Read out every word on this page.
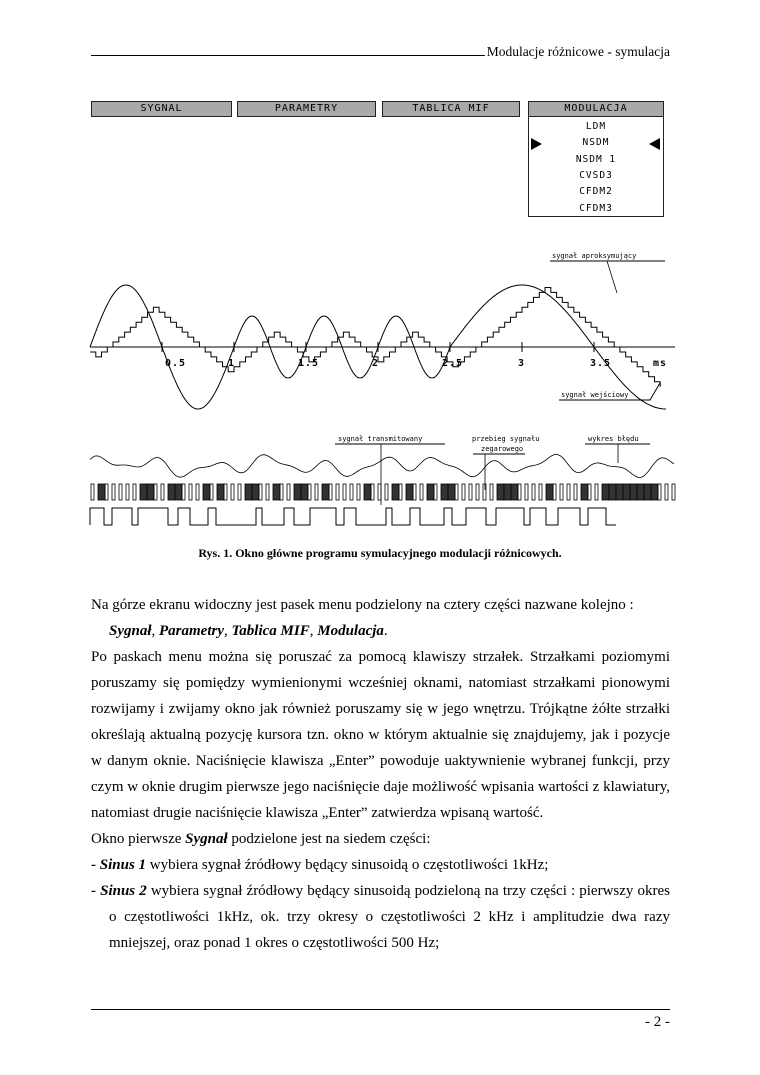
Modulacje różnicowe - symulacja
SYGNAL	PARAMETRY	TABLICA MIF	MODULACJA
LDM
NSDM
NSDM 1
CVSD3
CFDM2
CFDM3
0.5	1	1.5	2	2.5	3	3.5	ms
sygnał aproksymujący
sygnał wejściowy
sygnał transmitowany	przebieg sygnału
zegarowego
wykres błędu
Rys. 1. Okno główne programu symulacyjnego modulacji różnicowych.

Na górze ekranu widoczny jest pasek menu podzielony na cztery części nazwane kolejno :

Sygnał, Parametry, Tablica MIF, Modulacja.

Po paskach menu można się poruszać za pomocą klawiszy strzałek. Strzałkami poziomymi poruszamy się pomiędzy wymienionymi wcześniej oknami, natomiast strzałkami pionowymi rozwijamy i zwijamy okno jak również poruszamy się w jego wnętrzu. Trójkątne żółte strzałki określają aktualną pozycję kursora tzn. okno w którym aktualnie się znajdujemy, jak i pozycje w danym oknie. Naciśnięcie klawisza „Enter” powoduje uaktywnienie wybranej funkcji, przy czym w oknie drugim pierwsze jego naciśnięcie daje możliwość wpisania wartości z klawiatury, natomiast drugie naciśnięcie klawisza „Enter” zatwierdza wpisaną wartość.

Okno pierwsze Sygnał podzielone jest na siedem części:

- Sinus 1 wybiera sygnał źródłowy będący sinusoidą o częstotliwości 1kHz;

- Sinus 2 wybiera sygnał źródłowy będący sinusoidą podzieloną na trzy części : pierwszy okres o częstotliwości 1kHz, ok. trzy okresy o częstotliwości 2 kHz i amplitudzie dwa razy mniejszej, oraz ponad 1 okres o częstotliwości 500 Hz;

- 2 -
